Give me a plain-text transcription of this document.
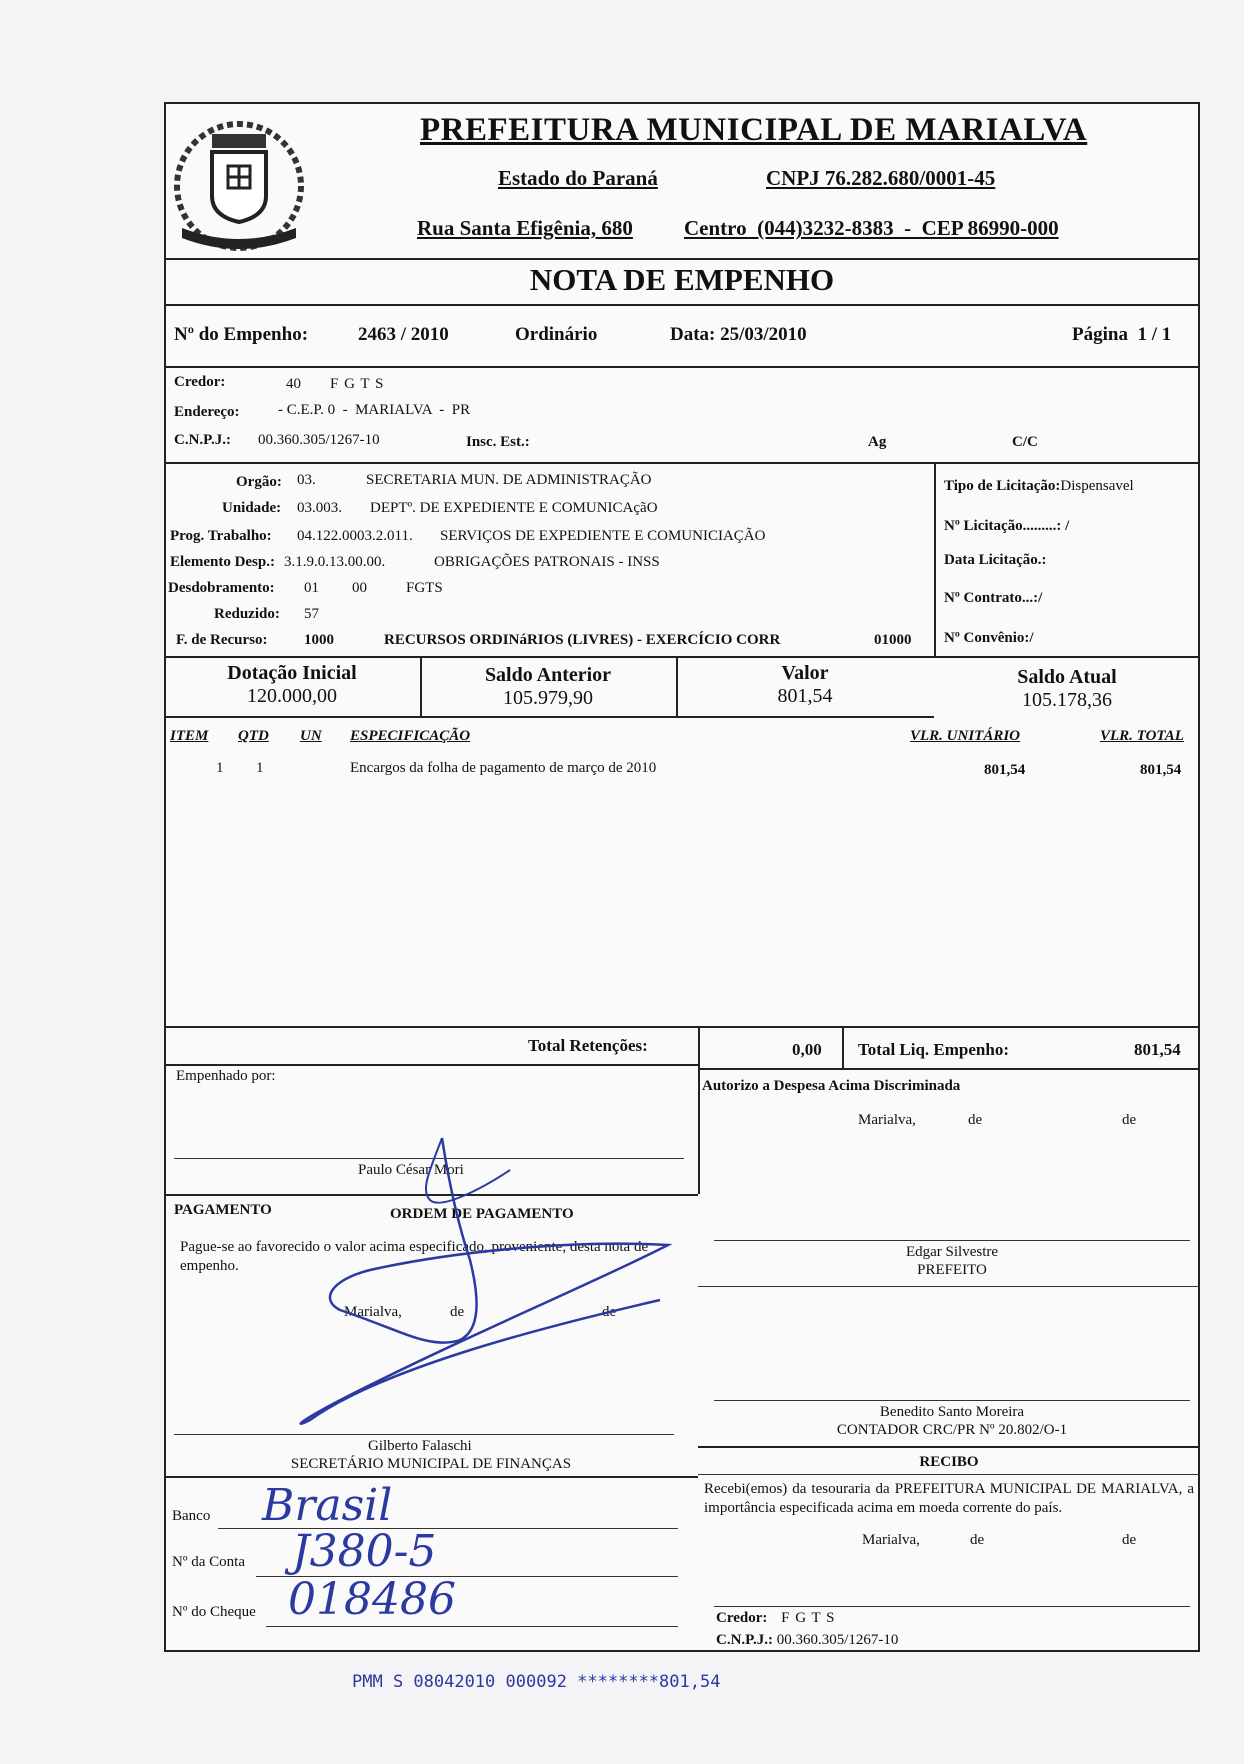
PREFEITURA MUNICIPAL DE MARIALVA
Estado do Paraná	CNPJ 76.282.680/0001-45
Rua Santa Efigênia, 680 Centro  (044)3232-8383  -  CEP 86990-000
NOTA DE EMPENHO
Nº do Empenho:	2463 / 2010	Ordinário	Data: 25/03/2010	Página  1 / 1
Credor:	40 F G T S
Endereço:	- C.E.P. 0  -  MARIALVA  -  PR
C.N.P.J.: 00.360.305/1267-10	Insc. Est.:	Ag	C/C
Orgão: 03.	SECRETARIA MUN. DE ADMINISTRAÇÃO
Unidade: 03.003. DEPTº. DE EXPEDIENTE E COMUNICAçãO
Prog. Trabalho: 04.122.0003.2.011. SERVIÇOS DE EXPEDIENTE E COMUNICIAÇÃO
Elemento Desp.: 3.1.9.0.13.00.00.	OBRIGAÇÕES PATRONAIS - INSS
Desdobramento: 01 00	FGTS
Reduzido: 57
F. de Recurso: 1000	RECURSOS ORDINáRIOS (LIVRES) - EXERCÍCIO CORR	01000
Tipo de Licitação:Dispensavel
Nº Licitação.........: /
Data Licitação.:
Nº Contrato...:/
Nº Convênio:/
Dotação Inicial
120.000,00
Saldo Anterior
105.979,90
Valor
801,54
Saldo Atual
105.178,36
ITEM QTD UN ESPECIFICAÇÃO	VLR. UNITÁRIO	VLR. TOTAL
1 1	Encargos da folha de pagamento de março de 2010	801,54	801,54
Total Retenções:	0,00 Total Liq. Empenho:	801,54
Empenhado por:
Paulo César Mori
Autorizo a Despesa Acima Discriminada
Marialva,	de	de
Edgar Silvestre
PREFEITO
PAGAMENTO	ORDEM DE PAGAMENTO
Pague-se ao favorecido o valor acima especificado, proveniente, desta nota de empenho.
Marialva,	de	de
Gilberto Falaschi
SECRETÁRIO MUNICIPAL DE FINANÇAS
Benedito Santo Moreira
CONTADOR CRC/PR Nº 20.802/O-1
RECIBO
Recebi(emos) da tesouraria da PREFEITURA MUNICIPAL DE MARIALVA, a importância especificada acima em moeda corrente do país.
Marialva,	de	de
Credor: F G T S
C.N.P.J.: 00.360.305/1267-10
Banco Brasil
Nº da Conta J380-5
Nº do Cheque 018486
PMM S 08042010 000092 ********801,54
